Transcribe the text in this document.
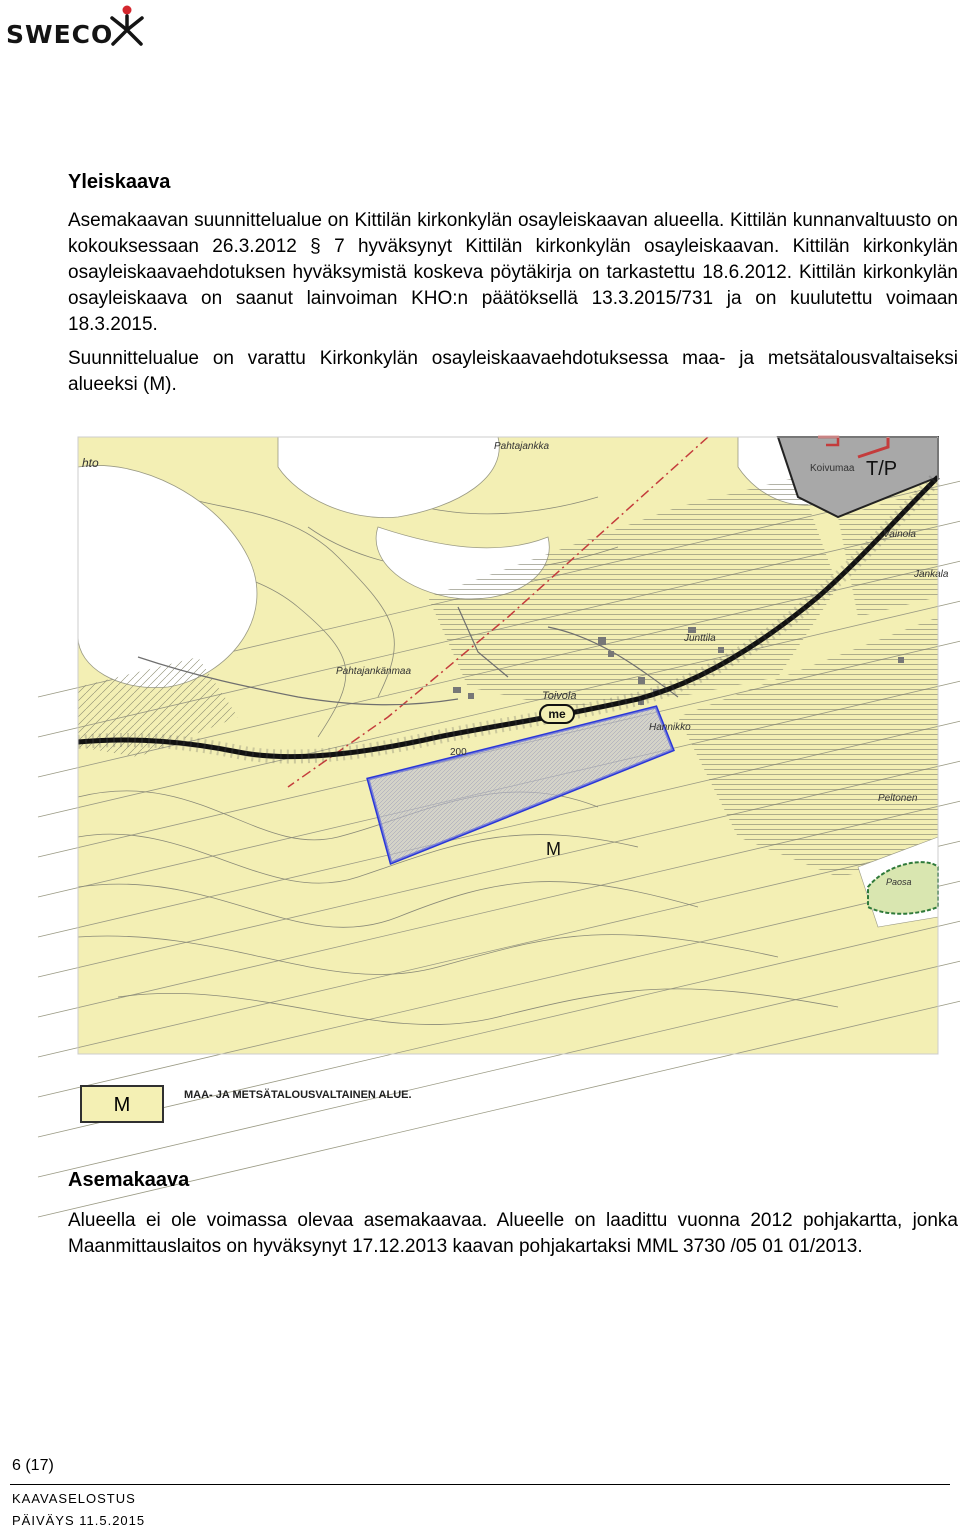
SWECO
Yleiskaava

Asemakaavan suunnittelualue on Kittilän kirkonkylän osayleiskaavan alueella. Kittilän kunnanvaltuusto on kokouksessaan 26.3.2012 § 7 hyväksynyt Kittilän kirkonkylän osayleiskaavan. Kittilän kirkonkylän osayleiskaavaehdotuksen hyväksymistä koskeva pöytäkirja on tarkastettu 18.6.2012. Kittilän kirkonkylän osayleiskaava on saanut lainvoiman KHO:n päätöksellä 13.3.2015/731 ja on kuulutettu voimaan 18.3.2015.

Suunnittelualue on varattu Kirkonkylän osayleiskaavaehdotuksessa maa- ja metsätalousvaltaiseksi alueeksi (M).

Koivumaa T/P
hto
Pahtajankka
Vainola
Jankala
Junttila
Pahtajankänmaa
Toivola
Hannikko
200
Peltonen
Paosa
me
M
M	MAA- JA METSÄTALOUSVALTAINEN ALUE.
Asemakaava

Alueella ei ole voimassa olevaa asemakaavaa. Alueelle on laadittu vuonna 2012 pohjakartta, jonka Maanmittauslaitos on hyväksynyt 17.12.2013 kaavan pohjakartaksi MML 3730 /05 01 01/2013.

6 (17)
KAAVASELOSTUS
PÄIVÄYS 11.5.2015
